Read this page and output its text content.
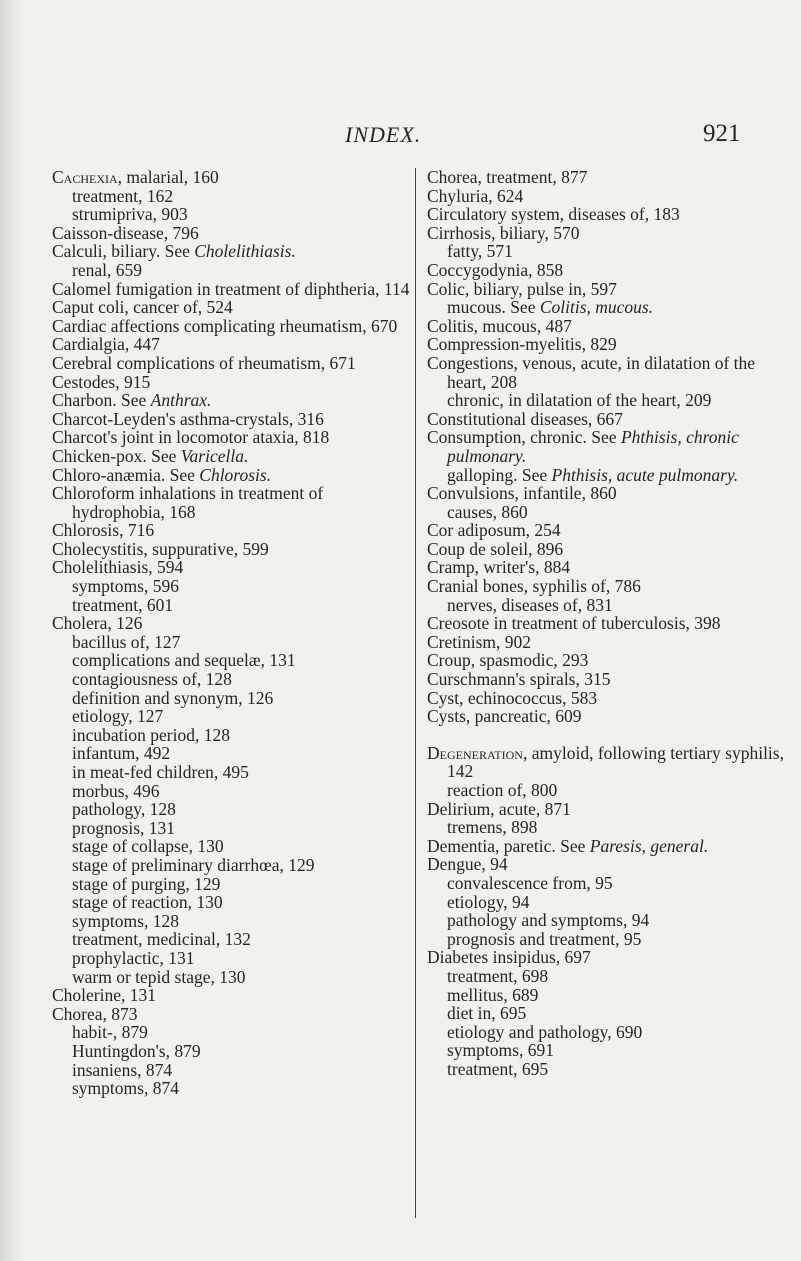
INDEX.	921
Cachexia, malarial, 160
treatment, 162
strumipriva, 903
Caisson-disease, 796
Calculi, biliary. See Cholelithiasis.
renal, 659
Calomel fumigation in treatment of diphtheria, 114
Caput coli, cancer of, 524
Cardiac affections complicating rheumatism, 670
Cardialgia, 447
Cerebral complications of rheumatism, 671
Cestodes, 915
Charbon. See Anthrax.
Charcot-Leyden's asthma-crystals, 316
Charcot's joint in locomotor ataxia, 818
Chicken-pox. See Varicella.
Chloro-anæmia. See Chlorosis.
Chloroform inhalations in treatment of hydrophobia, 168
Chlorosis, 716
Cholecystitis, suppurative, 599
Cholelithiasis, 594
symptoms, 596
treatment, 601
Cholera, 126
bacillus of, 127
complications and sequelæ, 131
contagiousness of, 128
definition and synonym, 126
etiology, 127
incubation period, 128
infantum, 492
in meat-fed children, 495
morbus, 496
pathology, 128
prognosis, 131
stage of collapse, 130
stage of preliminary diarrhœa, 129
stage of purging, 129
stage of reaction, 130
symptoms, 128
treatment, medicinal, 132
prophylactic, 131
warm or tepid stage, 130
Cholerine, 131
Chorea, 873
habit-, 879
Huntingdon's, 879
insaniens, 874
symptoms, 874
Chorea, treatment, 877
Chyluria, 624
Circulatory system, diseases of, 183
Cirrhosis, biliary, 570
fatty, 571
Coccygodynia, 858
Colic, biliary, pulse in, 597
mucous. See Colitis, mucous.
Colitis, mucous, 487
Compression-myelitis, 829
Congestions, venous, acute, in dilatation of the heart, 208
chronic, in dilatation of the heart, 209
Constitutional diseases, 667
Consumption, chronic. See Phthisis, chronic pulmonary.
galloping. See Phthisis, acute pulmonary.
Convulsions, infantile, 860
causes, 860
Cor adiposum, 254
Coup de soleil, 896
Cramp, writer's, 884
Cranial bones, syphilis of, 786
nerves, diseases of, 831
Creosote in treatment of tuberculosis, 398
Cretinism, 902
Croup, spasmodic, 293
Curschmann's spirals, 315
Cyst, echinococcus, 583
Cysts, pancreatic, 609
Degeneration, amyloid, following tertiary syphilis, 142
reaction of, 800
Delirium, acute, 871
tremens, 898
Dementia, paretic. See Paresis, general.
Dengue, 94
convalescence from, 95
etiology, 94
pathology and symptoms, 94
prognosis and treatment, 95
Diabetes insipidus, 697
treatment, 698
mellitus, 689
diet in, 695
etiology and pathology, 690
symptoms, 691
treatment, 695
